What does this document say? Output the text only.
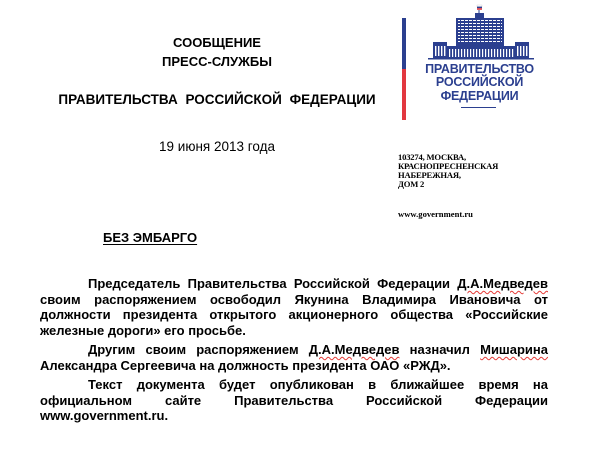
СООБЩЕНИЕ
ПРЕСС-СЛУЖБЫ
ПРАВИТЕЛЬСТВА РОССИЙСКОЙ ФЕДЕРАЦИИ
19 июня 2013 года
ПРАВИТЕЛЬСТВО
РОССИЙСКОЙ
ФЕДЕРАЦИИ
103274, МОСКВА,
КРАСНОПРЕСНЕНСКАЯ
НАБЕРЕЖНАЯ,
ДОМ 2
www.government.ru
БЕЗ ЭМБАРГО
Председатель Правительства Российской Федерации Д.А.Медведев своим распоряжением освободил Якунина Владимира Ивановича от должности президента открытого акционерного общества «Российские железные дороги» его просьбе.
Другим своим распоряжением Д.А.Медведев назначил Мишарина Александра Сергеевича на должность президента ОАО «РЖД».
Текст документа будет опубликован в ближайшее время на официальном сайте Правительства Российской Федерации www.government.ru.
